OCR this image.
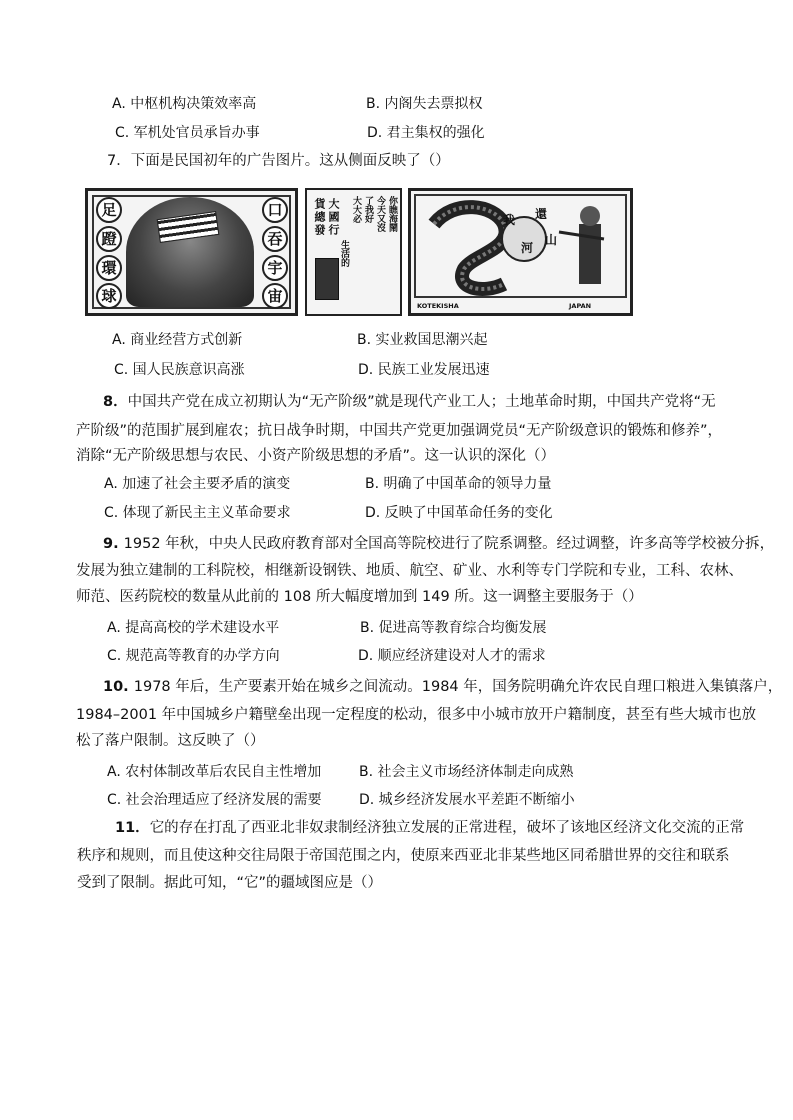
A. 中枢机构决策效率高	B. 内阁失去票拟权
C. 军机处官员承旨办事	D. 君主集权的强化
7．下面是民国初年的广告图片。这从侧面反映了（）
足
蹬
環
球
口
吞
宇
宙
大
國
貨
總
發 行	你瞧海鬧
今天又沒
了我好
大大必
生活的
我 還
河
山
KOTEKISHA	JAPAN
A. 商业经营方式创新	B. 实业救国思潮兴起
C. 国人民族意识高涨	D. 民族工业发展迅速
8．中国共产党在成立初期认为“无产阶级”就是现代产业工人；土地革命时期，中国共产党将“无
产阶级”的范围扩展到雇农；抗日战争时期，中国共产党更加强调党员“无产阶级意识的锻炼和修养”，
消除“无产阶级思想与农民、小资产阶级思想的矛盾”。这一认识的深化（）
A. 加速了社会主要矛盾的演变	B. 明确了中国革命的领导力量
C. 体现了新民主主义革命要求	D. 反映了中国革命任务的变化
9. 1952 年秋，中央人民政府教育部对全国高等院校进行了院系调整。经过调整，许多高等学校被分拆，
发展为独立建制的工科院校，相继新设钢铁、地质、航空、矿业、水利等专门学院和专业，工科、农林、
师范、医药院校的数量从此前的 108 所大幅度增加到 149 所。这一调整主要服务于（）
A. 提高高校的学术建设水平	B. 促进高等教育综合均衡发展
C. 规范高等教育的办学方向	D. 顺应经济建设对人才的需求
10. 1978 年后，生产要素开始在城乡之间流动。1984 年，国务院明确允许农民自理口粮进入集镇落户，
1984–2001 年中国城乡户籍壁垒出现一定程度的松动，很多中小城市放开户籍制度，甚至有些大城市也放
松了落户限制。这反映了（）
A. 农村体制改革后农民自主性增加	B. 社会主义市场经济体制走向成熟
C. 社会治理适应了经济发展的需要	D. 城乡经济发展水平差距不断缩小
11．它的存在打乱了西亚北非奴隶制经济独立发展的正常进程，破坏了该地区经济文化交流的正常
秩序和规则，而且使这种交往局限于帝国范围之内，使原来西亚北非某些地区同希腊世界的交往和联系
受到了限制。据此可知，“它”的疆域图应是（）
